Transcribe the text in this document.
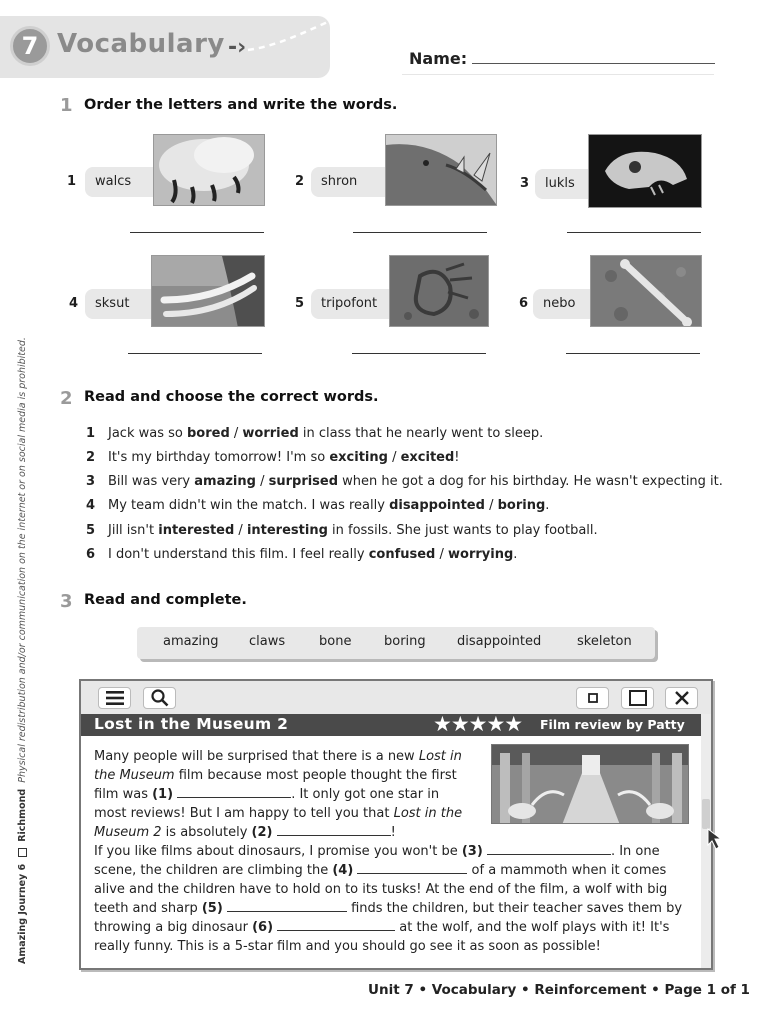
7 Vocabulary -›	Name:
Amazing Journey 6  Richmond Physical redistribution and/or communication on the internet or on social media is prohibited.
1 Order the letters and write the words.
1	walcs	2	shron	3	lukls
4	sksut	5	tripofont	6	nebo
2 Read and choose the correct words.
1 Jack was so bored / worried in class that he nearly went to sleep.
2 It's my birthday tomorrow! I'm so exciting / excited!
3 Bill was very amazing / surprised when he got a dog for his birthday. He wasn't expecting it.
4 My team didn't win the match. I was really disappointed / boring.
5 Jill isn't interested / interesting in fossils. She just wants to play football.
6 I don't understand this film. I feel really confused / worrying.
3 Read and complete.
amazing claws	bone	boring disappointed	skeleton
Lost in the Museum 2	★★★★★ Film review by Patty
Many people will be surprised that there is a new Lost in the Museum film because most people thought the first film was (1)	. It only got one star in most reviews! But I am happy to tell you that Lost in the Museum 2 is absolutely (2)	!
If you like films about dinosaurs, I promise you won't be (3)	. In one scene, the children are climbing the (4)	of a mammoth when it comes alive and the children have to hold on to its tusks! At the end of the film, a wolf with big teeth and sharp (5)	finds the children, but their teacher saves them by throwing a big dinosaur (6)	at the wolf, and the wolf plays with it! It's really funny. This is a 5-star film and you should go see it as soon as possible!
Unit 7 • Vocabulary • Reinforcement • Page 1 of 1
